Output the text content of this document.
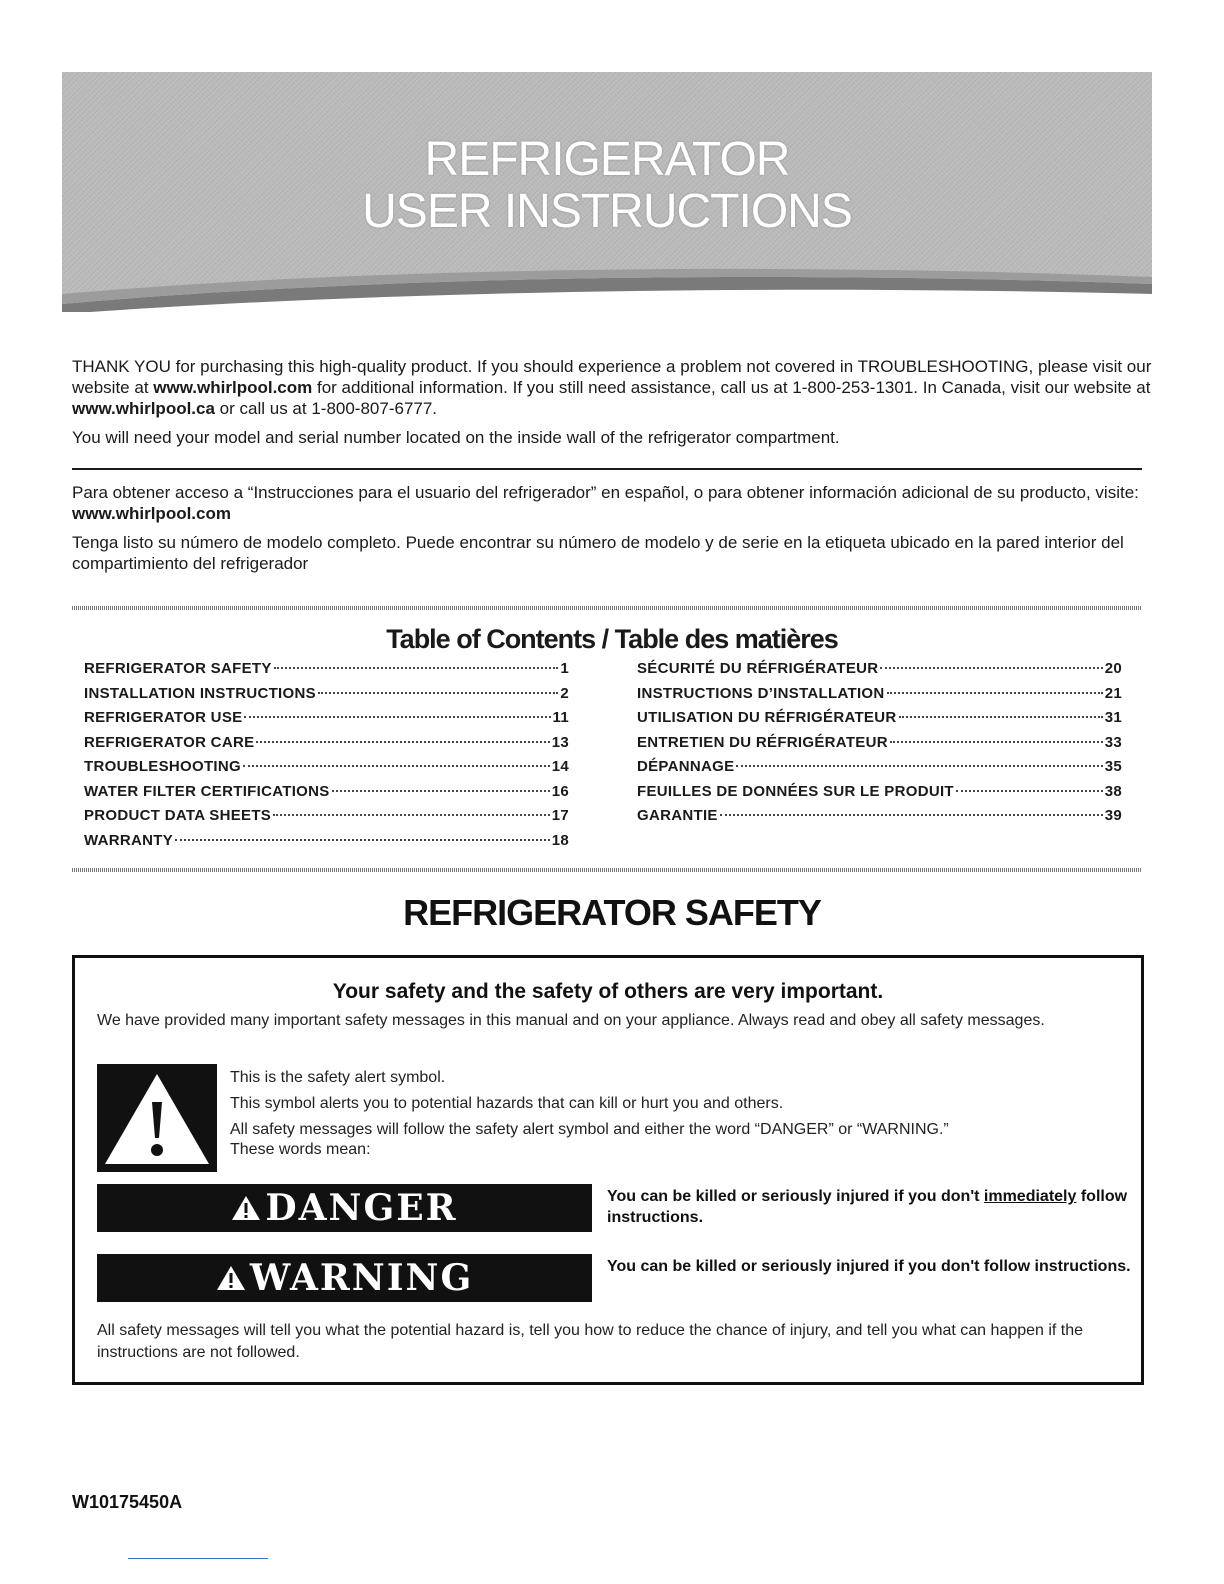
REFRIGERATOR
USER INSTRUCTIONS

THANK YOU for purchasing this high-quality product. If you should experience a problem not covered in TROUBLESHOOTING, please visit our website at www.whirlpool.com for additional information. If you still need assistance, call us at 1-800-253-1301. In Canada, visit our website at www.whirlpool.ca or call us at 1-800-807-6777.

You will need your model and serial number located on the inside wall of the refrigerator compartment.

Para obtener acceso a “Instrucciones para el usuario del refrigerador” en español, o para obtener información adicional de su producto, visite: www.whirlpool.com

Tenga listo su número de modelo completo. Puede encontrar su número de modelo y de serie en la etiqueta ubicado en la pared interior del compartimiento del refrigerador

Table of Contents / Table des matières
REFRIGERATOR SAFETY	1
INSTALLATION INSTRUCTIONS	2
REFRIGERATOR USE	11
REFRIGERATOR CARE	13
TROUBLESHOOTING	14
WATER FILTER CERTIFICATIONS	16
PRODUCT DATA SHEETS	17
WARRANTY	18
SÉCURITÉ DU RÉFRIGÉRATEUR	20
INSTRUCTIONS D’INSTALLATION	21
UTILISATION DU RÉFRIGÉRATEUR	31
ENTRETIEN DU RÉFRIGÉRATEUR	33
DÉPANNAGE	35
FEUILLES DE DONNÉES SUR LE PRODUIT	38
GARANTIE	39
REFRIGERATOR SAFETY
Your safety and the safety of others are very important.
We have provided many important safety messages in this manual and on your appliance. Always read and obey all safety messages.
This is the safety alert symbol.
This symbol alerts you to potential hazards that can kill or hurt you and others.
All safety messages will follow the safety alert symbol and either the word “DANGER” or “WARNING.”
These words mean:
DANGER	You can be killed or seriously injured if you don't immediately follow instructions.
WARNING	You can be killed or seriously injured if you don't follow instructions.
All safety messages will tell you what the potential hazard is, tell you how to reduce the chance of injury, and tell you what can happen if the instructions are not followed.
W10175450A
